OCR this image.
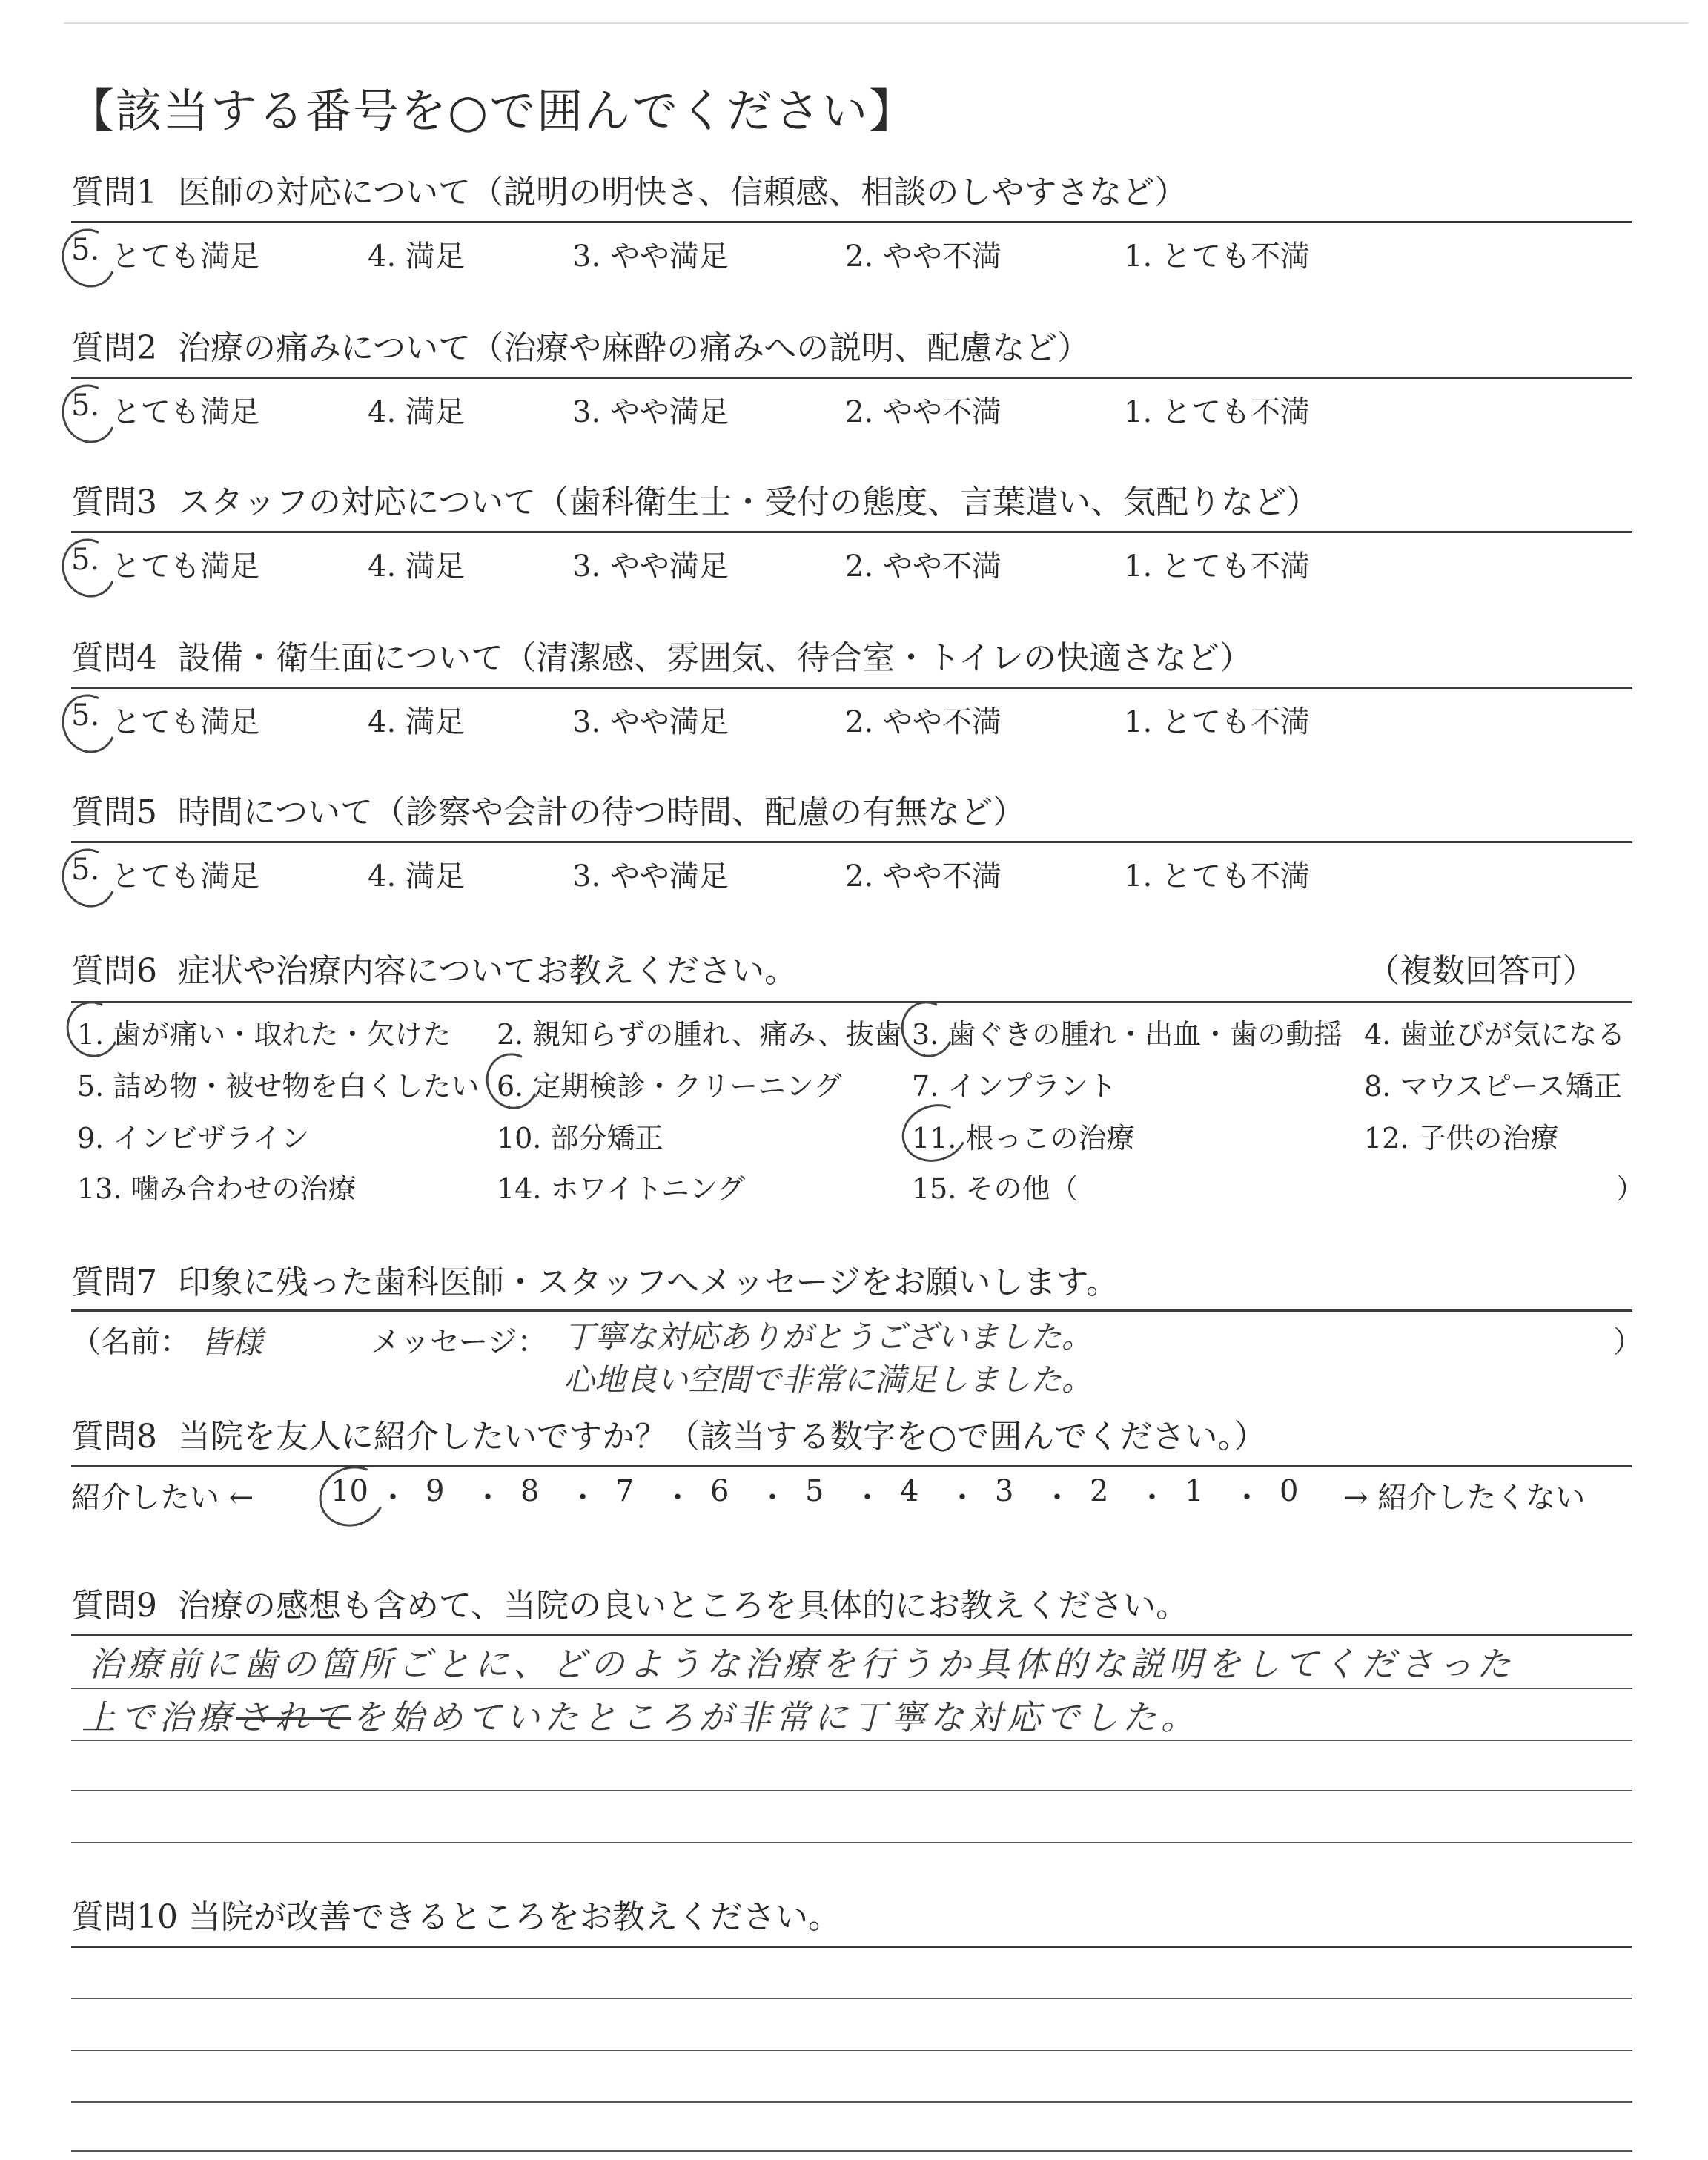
【該当する番号を○で囲んでください】
質問1 医師の対応について（説明の明快さ、信頼感、相談のしやすさなど）
5. とても満足	4. 満足	3. やや満足	2. やや不満	1. とても不満
質問2 治療の痛みについて（治療や麻酔の痛みへの説明、配慮など）
5. とても満足	4. 満足	3. やや満足	2. やや不満	1. とても不満
質問3 スタッフの対応について（歯科衛生士・受付の態度、言葉遣い、気配りなど）
5. とても満足	4. 満足	3. やや満足	2. やや不満	1. とても不満
質問4 設備・衛生面について（清潔感、雰囲気、待合室・トイレの快適さなど）
5. とても満足	4. 満足	3. やや満足	2. やや不満	1. とても不満
質問5 時間について（診察や会計の待つ時間、配慮の有無など）
5. とても満足	4. 満足	3. やや満足	2. やや不満	1. とても不満
質問6 症状や治療内容についてお教えください。	（複数回答可）
1. 歯が痛い・取れた・欠けた 2. 親知らずの腫れ、痛み、抜歯 3. 歯ぐきの腫れ・出血・歯の動揺 4. 歯並びが気になる
5. 詰め物・被せ物を白くしたい 6. 定期検診・クリーニング 7. インプラント	8. マウスピース矯正
9. インビザライン	10. 部分矯正	11. 根っこの治療	12. 子供の治療
13. 噛み合わせの治療	14. ホワイトニング	15. その他（	）
質問7 印象に残った歯科医師・スタッフへメッセージをお願いします。
（名前： 皆様	メッセージ： 丁寧な対応ありがとうございました。
心地良い空間で非常に満足しました。
）
質問8 当院を友人に紹介したいですか？（該当する数字を○で囲んでください。）
紹介したい ←	10 ・ 9 ・ 8 ・ 7 ・ 6 ・ 5 ・ 4 ・ 3 ・ 2 ・ 1 ・ 0 → 紹介したくない
質問9 治療の感想も含めて、当院の良いところを具体的にお教えください。
治療前に歯の箇所ごとに、どのような治療を行うか具体的な説明をしてくださった
上で治療されてを始めていたところが非常に丁寧な対応でした。
質問10 当院が改善できるところをお教えください。
